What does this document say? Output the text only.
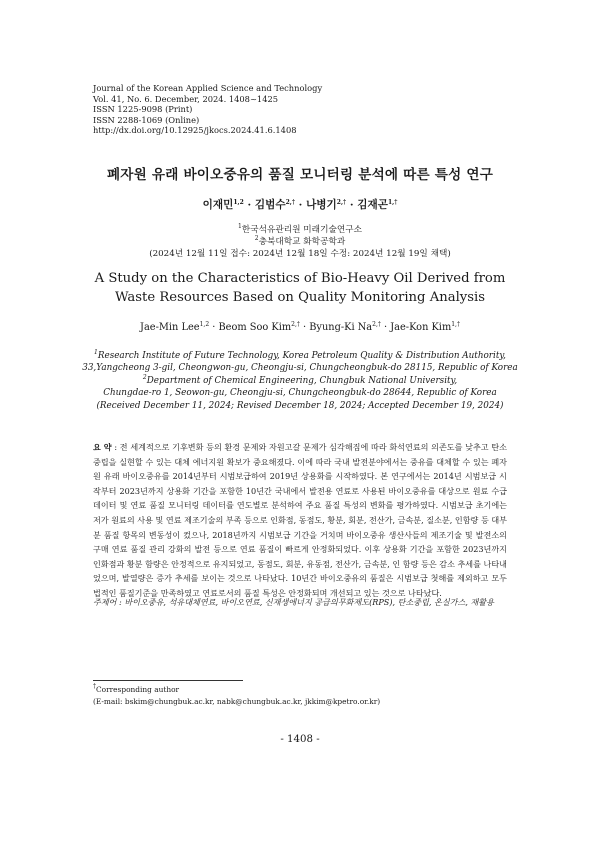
Journal of the Korean Applied Science and Technology
Vol. 41, No. 6. December, 2024. 1408~1425
ISSN 1225-9098 (Print)
ISSN 2288-1069 (Online)
http://dx.doi.org/10.12925/jkocs.2024.41.6.1408
폐자원 유래 바이오중유의 품질 모니터링 분석에 따른 특성 연구
이재민$^{1,2}$ · 김범수$^{2,\dagger}$ · 나병기$^{2,\dagger}$ · 김재곤$^{1,\dagger}$
$^1$한국석유관리원 미래기술연구소
$^2$충북대학교 화학공학과
(2024년 12월 11일 접수: 2024년 12월 18일 수정: 2024년 12월 19일 채택)
A Study on the Characteristics of Bio-Heavy Oil Derived from
Waste Resources Based on Quality Monitoring Analysis
Jae-Min Lee$^{1,2}$ · Beom Soo Kim$^{2,\dagger}$ · Byung-Ki $Na^{2,\dagger} \cdot Jae-Kon$ Kim$^{1,\dagger}$
$^1$Research Institute of Future Technology, Korea Petroleum Quality & Distribution Authority,
33,Yangcheong 3-gil, Cheongwon-gu, Cheongju-si, Chungcheongbuk-do 28115, Republic of Korea
$^2$Department of Chemical Engineering, Chungbuk National University,
Chungdae-ro 1, Seowon-gu, Cheongju-si, Chungcheongbuk-do 28644, Republic of Korea
(Received December 11, 2024; Revised December 18, 2024; Accepted December 19, 2024)
요 약 : 전 세계적으로 기후변화 등의 환경 문제와 자원고갈 문제가 심각해짐에 따라 화석연료의 의존도를 낮추고 탄소중립을 실현할 수 있는 대체 에너지원 확보가 중요해졌다. 이에 따라 국내 발전분야에서는 중유를 대체할 수 있는 폐자원 유래 바이오중유를 2014년부터 시범보급하여 2019년 상용화를 시작하였다. 본 연구에서는 2014년 시범보급 시작부터 2023년까지 상용화 기간을 포함한 10년간 국내에서 발전용 연료로 사용된 바이오중유를 대상으로 원료 수급 데이터 및 연료 품질 모니터링 데이터를 연도별로 분석하여 주요 품질 특성의 변화를 평가하였다. 시범보급 초기에는 저가 원료의 사용 및 연료 제조기술의 부족 등으로 인화점, 동점도, 황분, 회분, 전산가, 금속분, 질소분, 인함량 등 대부분 품질 항목의 변동성이 컸으나, 2018년까지 시범보급 기간을 거치며 바이오중유 생산사들의 제조기술 및 발전소의 구매 연료 품질 관리 강화의 발전 등으로 연료 품질이 빠르게 안정화되었다. 이후 상용화 기간을 포함한 2023년까지 인화점과 황분 함량은 안정적으로 유지되었고, 동점도, 회분, 유동점, 전산가, 금속분, 인 함량 등은 감소 추세를 나타내었으며, 발열량은 증가 추세를 보이는 것으로 나타났다. 10년간 바이오중유의 품질은 시범보급 첫해를 제외하고 모두 법적인 품질기준을 만족하였고 연료로서의 품질 특성은 안정화되며 개선되고 있는 것으로 나타났다.
주제어 : 바이오중유, 석유대체연료, 바이오연료, 신재생에너지 공급의무화제도(RPS), 탄소중립, 온실가스, 재활용
†Corresponding author
(E-mail: bskim@chungbuk.ac.kr, nabk@chungbuk.ac.kr, jkkim@kpetro.or.kr)
- 1408 -
